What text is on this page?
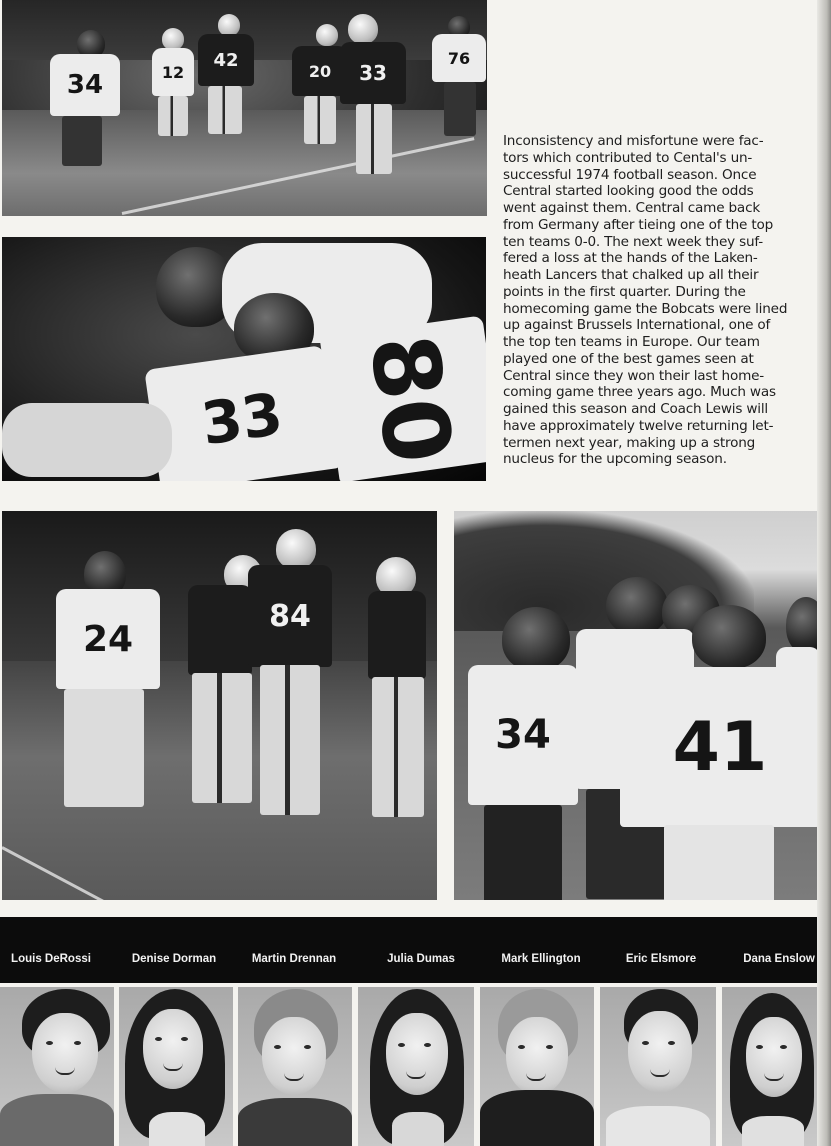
34	12
42
20	33
76
33 80
Inconsistency and misfortune were fac-
tors which contributed to Cental's un-
successful 1974 football season. Once
Central started looking good the odds
went against them. Central came back
from Germany after tieing one of the top
ten teams 0-0. The next week they suf-
fered a loss at the hands of the Laken-
heath Lancers that chalked up all their
points in the first quarter. During the
homecoming game the Bobcats were lined
up against Brussels International, one of
the top ten teams in Europe. Our team
played one of the best games seen at
Central since they won their last home-
coming game three years ago. Much was
gained this season and Coach Lewis will
have approximately twelve returning let-
termen next year, making up a strong
nucleus for the upcoming season.
24
84
34	41
Louis DeRossi	Denise Dorman	Martin Drennan	Julia Dumas	Mark Ellington	Eric Elsmore	Dana Enslow
